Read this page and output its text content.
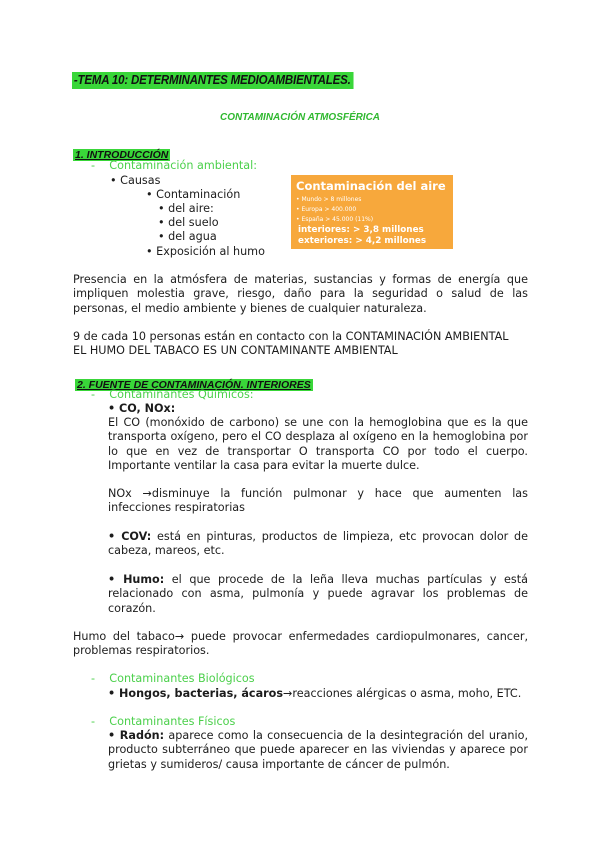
-TEMA 10: DETERMINANTES MEDIOAMBIENTALES.
CONTAMINACIÓN ATMOSFÉRICA
1. INTRODUCCIÓN
- Contaminación ambiental:
• Causas
• Contaminación
• del aire:
• del suelo
• del agua
• Exposición al humo
Contaminación del aire
• Mundo > 8 millones
• Europa > 400.000
• España > 45.000 (11%)
interiores: > 3,8 millones
exteriores: > 4,2 millones
Presencia en la atmósfera de materias, sustancias y formas de energía que impliquen molestia grave, riesgo, daño para la seguridad o salud de las personas, el medio ambiente y bienes de cualquier naturaleza.
9 de cada 10 personas están en contacto con la CONTAMINACIÓN AMBIENTAL
EL HUMO DEL TABACO ES UN CONTAMINANTE AMBIENTAL
2. FUENTE DE CONTAMINACIÓN. INTERIORES
- Contaminantes Químicos:
• CO, NOx:
El CO (monóxido de carbono) se une con la hemoglobina que es la que transporta oxígeno, pero el CO desplaza al oxígeno en la hemoglobina por lo que en vez de transportar O transporta CO por todo el cuerpo. Importante ventilar la casa para evitar la muerte dulce.
NOx →disminuye la función pulmonar y hace que aumenten las infecciones respiratorias
• COV: está en pinturas, productos de limpieza, etc provocan dolor de cabeza, mareos, etc.
• Humo: el que procede de la leña lleva muchas partículas y está relacionado con asma, pulmonía y puede agravar los problemas de corazón.
Humo del tabaco→ puede provocar enfermedades cardiopulmonares, cancer, problemas respiratorios.
- Contaminantes Biológicos
• Hongos, bacterias, ácaros→reacciones alérgicas o asma, moho, ETC.
- Contaminantes Físicos
• Radón: aparece como la consecuencia de la desintegración del uranio, producto subterráneo que puede aparecer en las viviendas y aparece por grietas y sumideros/ causa importante de cáncer de pulmón.
